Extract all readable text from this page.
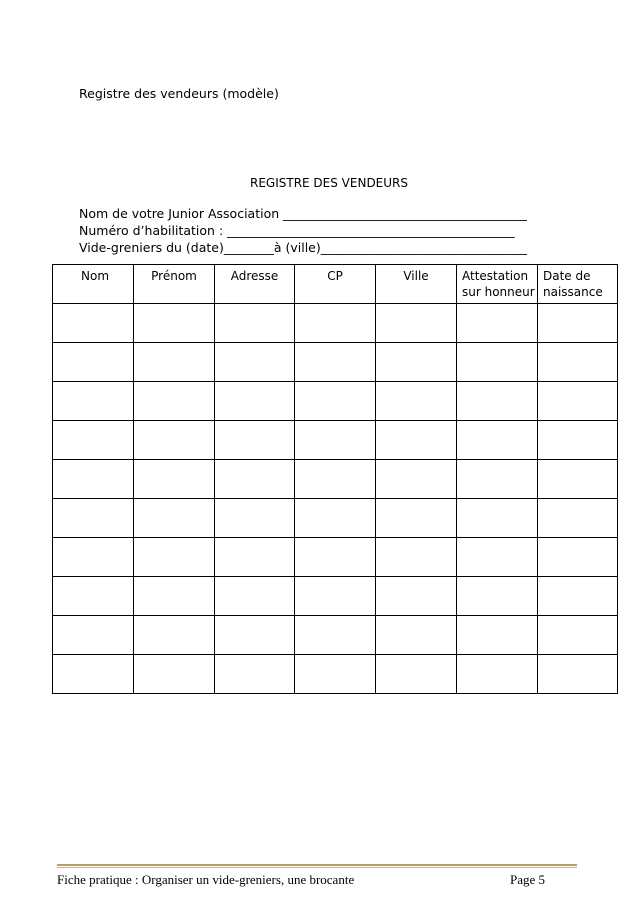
Registre des vendeurs (modèle)
REGISTRE DES VENDEURS
Nom de votre Junior Association _______________________________________
Numéro d’habilitation : ______________________________________________
Vide-greniers du (date)________à (ville)_________________________________
Nom	Prénom	Adresse	CP	Ville	Attestation sur honneur	Date de naissance

Fiche pratique : Organiser un vide-greniers, une brocante	Page 5
